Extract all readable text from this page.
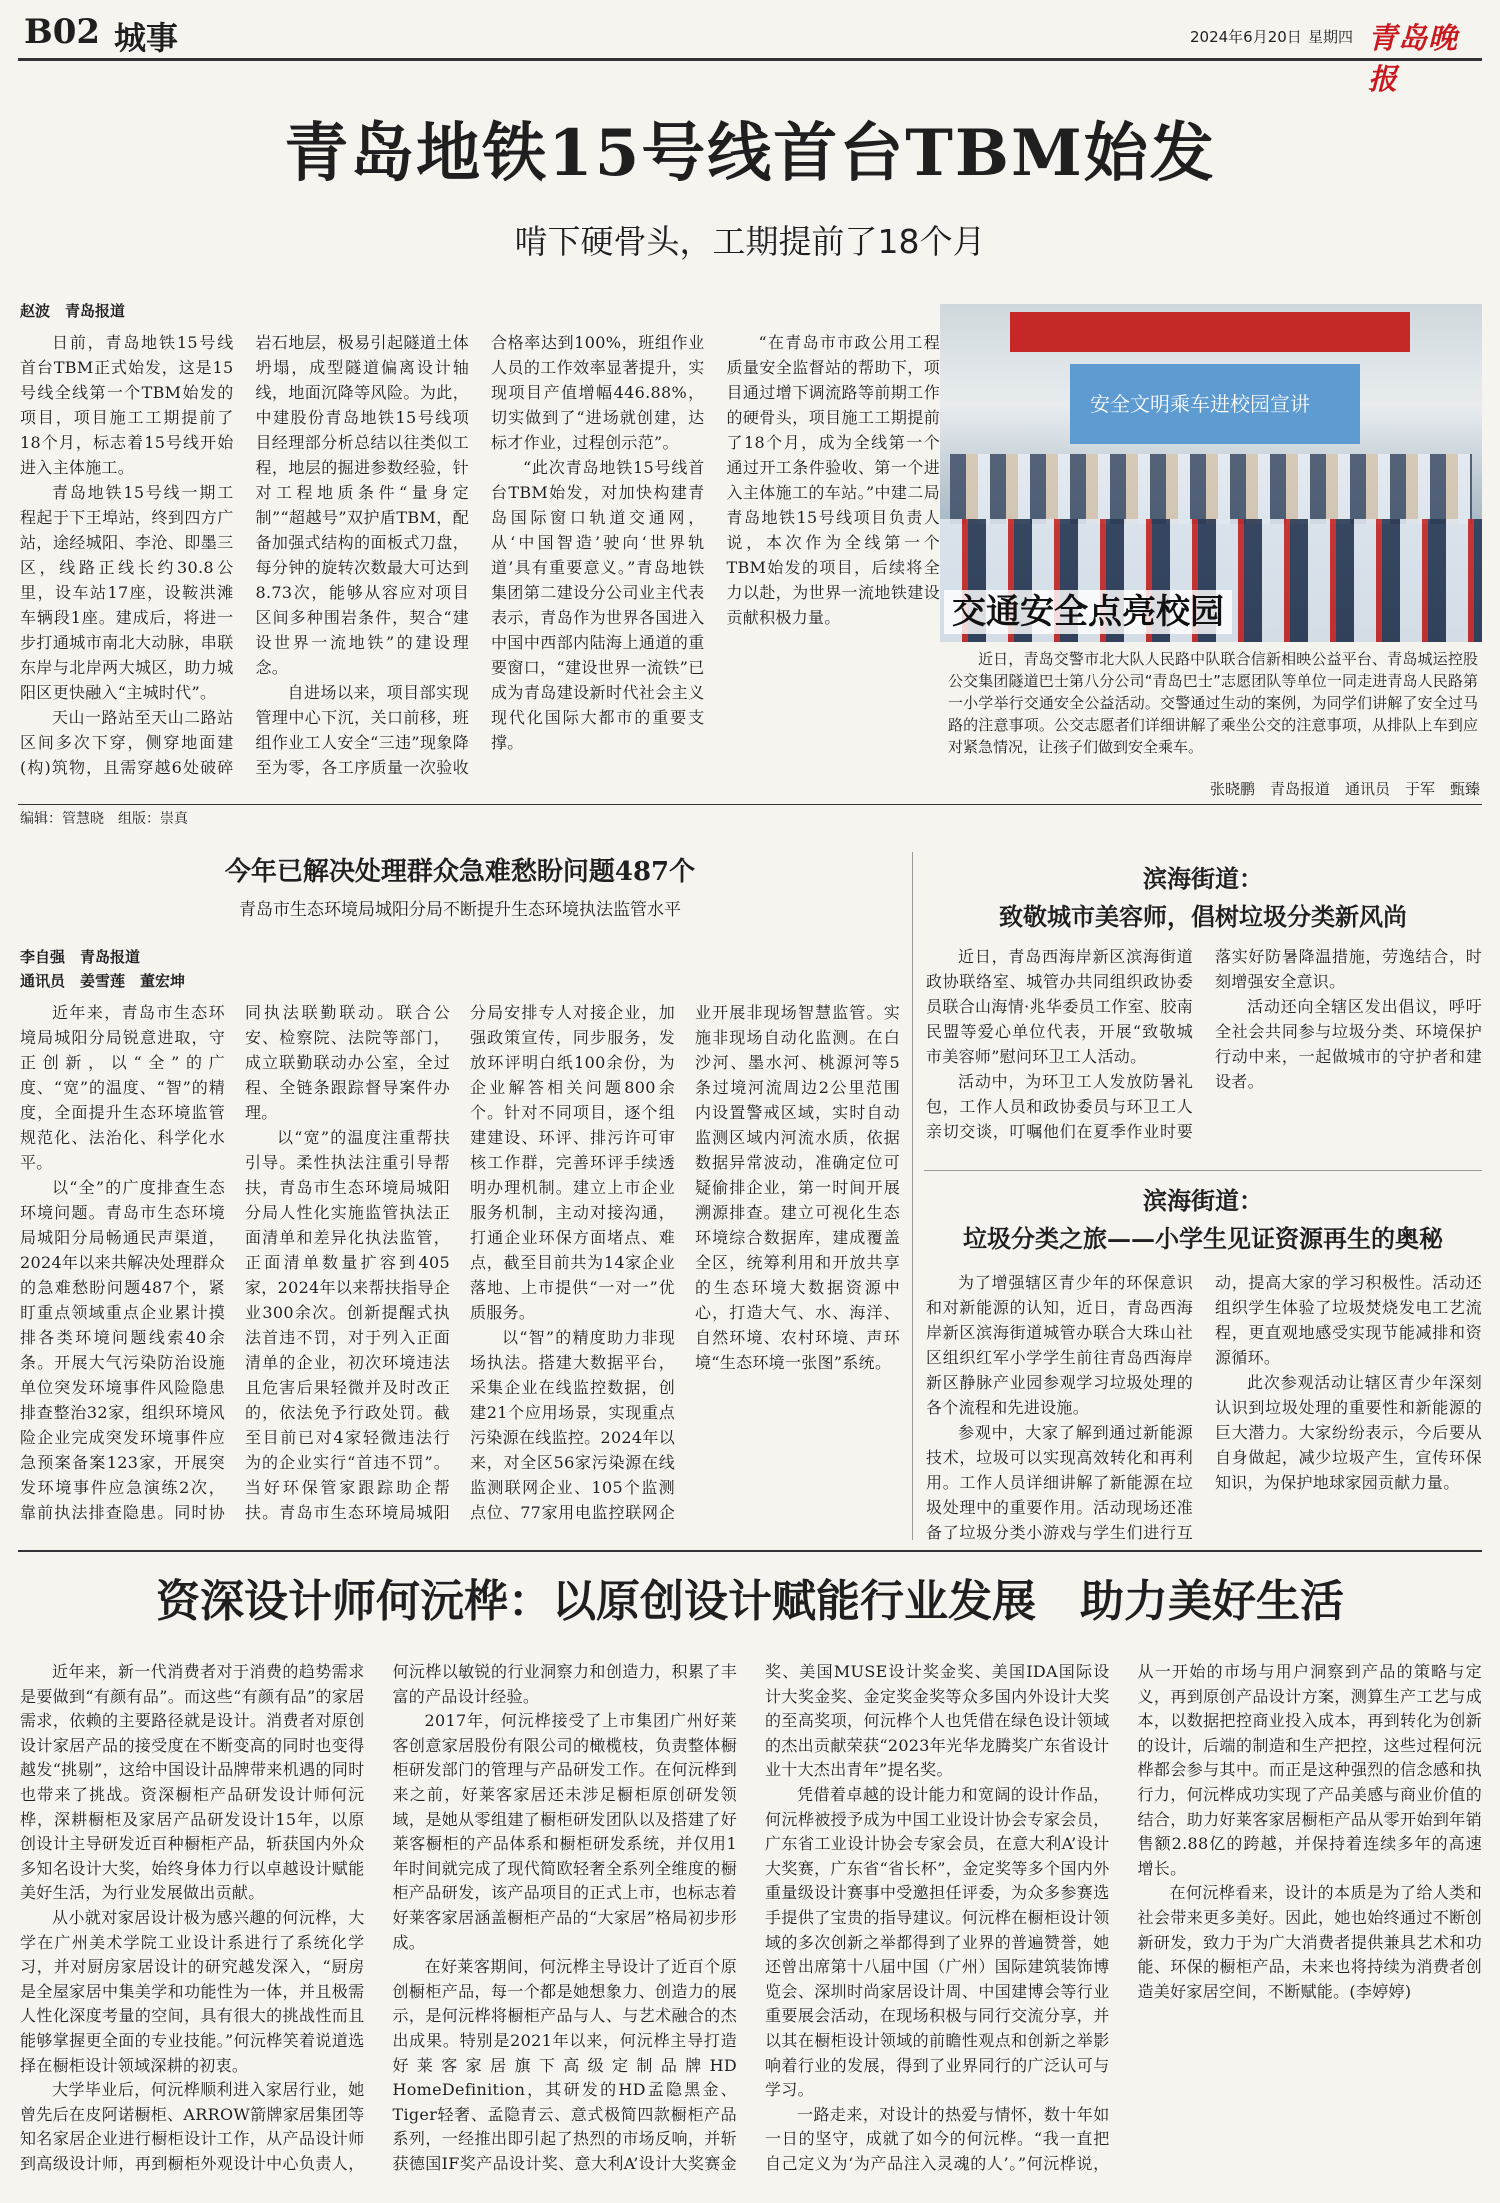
B02 城事	2024年6月20日 星期四 青岛晚报
青岛地铁15号线首台TBM始发
啃下硬骨头，工期提前了18个月
赵波　青岛报道

日前，青岛地铁15号线首台TBM正式始发，这是15号线全线第一个TBM始发的项目，项目施工工期提前了18个月，标志着15号线开始进入主体施工。

青岛地铁15号线一期工程起于下王埠站，终到四方广站，途经城阳、李沧、即墨三区，线路正线长约30.8公里，设车站17座，设鞍洪滩车辆段1座。建成后，将进一步打通城市南北大动脉，串联东岸与北岸两大城区，助力城阳区更快融入“主城时代”。

天山一路站至天山二路站区间多次下穿，侧穿地面建(构)筑物，且需穿越6处破碎岩石地层，极易引起隧道土体坍塌，成型隧道偏离设计轴线，地面沉降等风险。为此，中建股份青岛地铁15号线项目经理部分析总结以往类似工程，地层的掘进参数经验，针对工程地质条件“量身定制”“超越号”双护盾TBM，配备加强式结构的面板式刀盘，每分钟的旋转次数最大可达到8.73次，能够从容应对项目区间多种围岩条件，契合“建设世界一流地铁”的建设理念。

自进场以来，项目部实现管理中心下沉，关口前移，班组作业工人安全“三违”现象降至为零，各工序质量一次验收合格率达到100%，班组作业人员的工作效率显著提升，实现项目产值增幅446.88%，切实做到了“进场就创建，达标才作业，过程创示范”。

“此次青岛地铁15号线首台TBM始发，对加快构建青岛国际窗口轨道交通网，从‘中国智造’驶向‘世界轨道’具有重要意义。”青岛地铁集团第二建设分公司业主代表表示，青岛作为世界各国进入中国中西部内陆海上通道的重要窗口，“建设世界一流铁”已成为青岛建设新时代社会主义现代化国际大都市的重要支撑。

“在青岛市市政公用工程质量安全监督站的帮助下，项目通过增下调流路等前期工作的硬骨头，项目施工工期提前了18个月，成为全线第一个通过开工条件验收、第一个进入主体施工的车站。”中建二局青岛地铁15号线项目负责人说，本次作为全线第一个TBM始发的项目，后续将全力以赴，为世界一流地铁建设贡献积极力量。

安全文明乘车进校园宣讲
交通安全点亮校园
近日，青岛交警市北大队人民路中队联合信新相映公益平台、青岛城运控股公交集团隧道巴士第八分公司“青岛巴士”志愿团队等单位一同走进青岛人民路第一小学举行交通安全公益活动。交警通过生动的案例，为同学们讲解了安全过马路的注意事项。公交志愿者们详细讲解了乘坐公交的注意事项，从排队上车到应对紧急情况，让孩子们做到安全乘车。
张晓鹏　青岛报道　通讯员　于军　甄臻
编辑：管慧晓　组版：崇真
今年已解决处理群众急难愁盼问题487个
青岛市生态环境局城阳分局不断提升生态环境执法监管水平
李自强　青岛报道
通讯员　姜雪莲　董宏坤

近年来，青岛市生态环境局城阳分局锐意进取，守正创新，以“全”的广度、“宽”的温度、“智”的精度，全面提升生态环境监管规范化、法治化、科学化水平。

以“全”的广度排查生态环境问题。青岛市生态环境局城阳分局畅通民声渠道，2024年以来共解决处理群众的急难愁盼问题487个，紧盯重点领域重点企业累计摸排各类环境问题线索40余条。开展大气污染防治设施单位突发环境事件风险隐患排查整治32家，组织环境风险企业完成突发环境事件应急预案备案123家，开展突发环境事件应急演练2次，靠前执法排查隐患。同时协同执法联勤联动。联合公安、检察院、法院等部门，成立联勤联动办公室，全过程、全链条跟踪督导案件办理。

以“宽”的温度注重帮扶引导。柔性执法注重引导帮扶，青岛市生态环境局城阳分局人性化实施监管执法正面清单和差异化执法监管，正面清单数量扩容到405家，2024年以来帮扶指导企业300余次。创新提醒式执法首违不罚，对于列入正面清单的企业，初次环境违法且危害后果轻微并及时改正的，依法免予行政处罚。截至目前已对4家轻微违法行为的企业实行“首违不罚”。当好环保管家跟踪助企帮扶。青岛市生态环境局城阳分局安排专人对接企业，加强政策宣传，同步服务，发放环评明白纸100余份，为企业解答相关问题800余个。针对不同项目，逐个组建建设、环评、排污许可审核工作群，完善环评手续透明办理机制。建立上市企业服务机制，主动对接沟通，打通企业环保方面堵点、难点，截至目前共为14家企业落地、上市提供“一对一”优质服务。

以“智”的精度助力非现场执法。搭建大数据平台，采集企业在线监控数据，创建21个应用场景，实现重点污染源在线监控。2024年以来，对全区56家污染源在线监测联网企业、105个监测点位、77家用电监控联网企业开展非现场智慧监管。实施非现场自动化监测。在白沙河、墨水河、桃源河等5条过境河流周边2公里范围内设置警戒区域，实时自动监测区域内河流水质，依据数据异常波动，准确定位可疑偷排企业，第一时间开展溯源排查。建立可视化生态环境综合数据库，建成覆盖全区，统筹利用和开放共享的生态环境大数据资源中心，打造大气、水、海洋、自然环境、农村环境、声环境“生态环境一张图”系统。

滨海街道：
致敬城市美容师，倡树垃圾分类新风尚

近日，青岛西海岸新区滨海街道政协联络室、城管办共同组织政协委员联合山海情·兆华委员工作室、胶南民盟等爱心单位代表，开展“致敬城市美容师”慰问环卫工人活动。

活动中，为环卫工人发放防暑礼包，工作人员和政协委员与环卫工人亲切交谈，叮嘱他们在夏季作业时要落实好防暑降温措施，劳逸结合，时刻增强安全意识。

活动还向全辖区发出倡议，呼吁全社会共同参与垃圾分类、环境保护行动中来，一起做城市的守护者和建设者。

滨海街道：
垃圾分类之旅——小学生见证资源再生的奥秘

为了增强辖区青少年的环保意识和对新能源的认知，近日，青岛西海岸新区滨海街道城管办联合大珠山社区组织红军小学学生前往青岛西海岸新区静脉产业园参观学习垃圾处理的各个流程和先进设施。

参观中，大家了解到通过新能源技术，垃圾可以实现高效转化和再利用。工作人员详细讲解了新能源在垃圾处理中的重要作用。活动现场还准备了垃圾分类小游戏与学生们进行互动，提高大家的学习积极性。活动还组织学生体验了垃圾焚烧发电工艺流程，更直观地感受实现节能减排和资源循环。

此次参观活动让辖区青少年深刻认识到垃圾处理的重要性和新能源的巨大潜力。大家纷纷表示，今后要从自身做起，减少垃圾产生，宣传环保知识，为保护地球家园贡献力量。

资深设计师何沅桦：以原创设计赋能行业发展　助力美好生活

近年来，新一代消费者对于消费的趋势需求是要做到“有颜有品”。而这些“有颜有品”的家居需求，依赖的主要路径就是设计。消费者对原创设计家居产品的接受度在不断变高的同时也变得越发“挑剔”，这给中国设计品牌带来机遇的同时也带来了挑战。资深橱柜产品研发设计师何沅桦，深耕橱柜及家居产品研发设计15年，以原创设计主导研发近百种橱柜产品，斩获国内外众多知名设计大奖，始终身体力行以卓越设计赋能美好生活，为行业发展做出贡献。

从小就对家居设计极为感兴趣的何沅桦，大学在广州美术学院工业设计系进行了系统化学习，并对厨房家居设计的研究越发深入，“厨房是全屋家居中集美学和功能性为一体，并且极需人性化深度考量的空间，具有很大的挑战性而且能够掌握更全面的专业技能。”何沅桦笑着说道选择在橱柜设计领域深耕的初衷。

大学毕业后，何沅桦顺利进入家居行业，她曾先后在皮阿诺橱柜、ARROW箭牌家居集团等知名家居企业进行橱柜设计工作，从产品设计师到高级设计师，再到橱柜外观设计中心负责人，何沅桦以敏锐的行业洞察力和创造力，积累了丰富的产品设计经验。

2017年，何沅桦接受了上市集团广州好莱客创意家居股份有限公司的橄榄枝，负责整体橱柜研发部门的管理与产品研发工作。在何沅桦到来之前，好莱客家居还未涉足橱柜原创研发领域，是她从零组建了橱柜研发团队以及搭建了好莱客橱柜的产品体系和橱柜研发系统，并仅用1年时间就完成了现代简欧轻奢全系列全维度的橱柜产品研发，该产品项目的正式上市，也标志着好莱客家居涵盖橱柜产品的“大家居”格局初步形成。

在好莱客期间，何沅桦主导设计了近百个原创橱柜产品，每一个都是她想象力、创造力的展示，是何沅桦将橱柜产品与人、与艺术融合的杰出成果。特别是2021年以来，何沅桦主导打造好莱客家居旗下高级定制品牌HD HomeDefinition，其研发的HD孟隐黑金、Tiger轻奢、孟隐青云、意式极简四款橱柜产品系列，一经推出即引起了热烈的市场反响，并斩获德国IF奖产品设计奖、意大利A’设计大奖赛金奖、美国MUSE设计奖金奖、美国IDA国际设计大奖金奖、金定奖金奖等众多国内外设计大奖的至高奖项，何沅桦个人也凭借在绿色设计领域的杰出贡献荣获“2023年光华龙腾奖广东省设计业十大杰出青年”提名奖。

凭借着卓越的设计能力和宽阔的设计作品，何沅桦被授予成为中国工业设计协会专家会员，广东省工业设计协会专家会员，在意大利A’设计大奖赛，广东省“省长杯”，金定奖等多个国内外重量级设计赛事中受邀担任评委，为众多参赛选手提供了宝贵的指导建议。何沅桦在橱柜设计领域的多次创新之举都得到了业界的普遍赞誉，她还曾出席第十八届中国（广州）国际建筑装饰博览会、深圳时尚家居设计周、中国建博会等行业重要展会活动，在现场积极与同行交流分享，并以其在橱柜设计领域的前瞻性观点和创新之举影响着行业的发展，得到了业界同行的广泛认可与学习。

一路走来，对设计的热爱与情怀，数十年如一日的坚守，成就了如今的何沅桦。“我一直把自己定义为‘为产品注入灵魂的人’。”何沅桦说，从一开始的市场与用户洞察到产品的策略与定义，再到原创产品设计方案，测算生产工艺与成本，以数据把控商业投入成本，再到转化为创新的设计，后端的制造和生产把控，这些过程何沅桦都会参与其中。而正是这种强烈的信念感和执行力，何沅桦成功实现了产品美感与商业价值的结合，助力好莱客家居橱柜产品从零开始到年销售额2.88亿的跨越，并保持着连续多年的高速增长。

在何沅桦看来，设计的本质是为了给人类和社会带来更多美好。因此，她也始终通过不断创新研发，致力于为广大消费者提供兼具艺术和功能、环保的橱柜产品，未来也将持续为消费者创造美好家居空间，不断赋能。(李婷婷)
